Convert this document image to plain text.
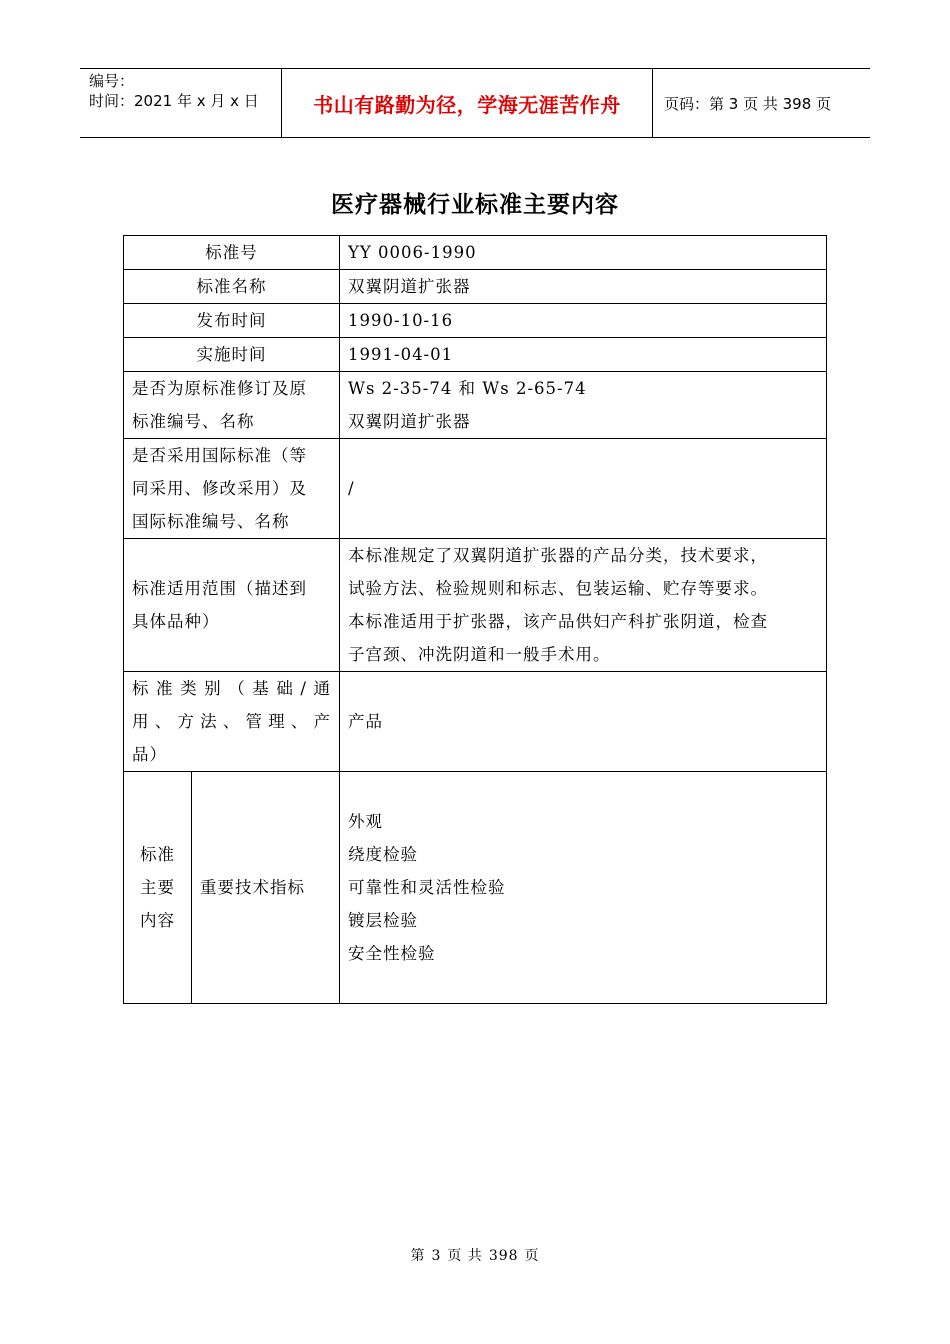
编号：
时间：2021 年 x 月 x 日	书山有路勤为径，学海无涯苦作舟	页码：第 3 页 共 398 页
医疗器械行业标准主要内容
标准号		YY 0006-1990
标准名称		双翼阴道扩张器
发布时间		1990-10-16
实施时间		1991-04-01

是否为原标准修订及原
标准编号、名称		Ws 2-35-74 和 Ws 2-65-74
双翼阴道扩张器

是否采用国际标准（等
同采用、修改采用）及
国际标准编号、名称		/

标准适用范围（描述到
具体品种）		本标准规定了双翼阴道扩张器的产品分类，技术要求，
试验方法、检验规则和标志、包装运输、贮存等要求。
本标准适用于扩张器，该产品供妇产科扩张阴道，检查
子宫颈、冲洗阴道和一般手术用。

标准类别（基础/通
用、方法、管理、产
品）		产品

标准
主要
内容	重要技术指标	外观
绕度检验
可靠性和灵活性检验
镀层检验
安全性检验
第 3 页 共 398 页
